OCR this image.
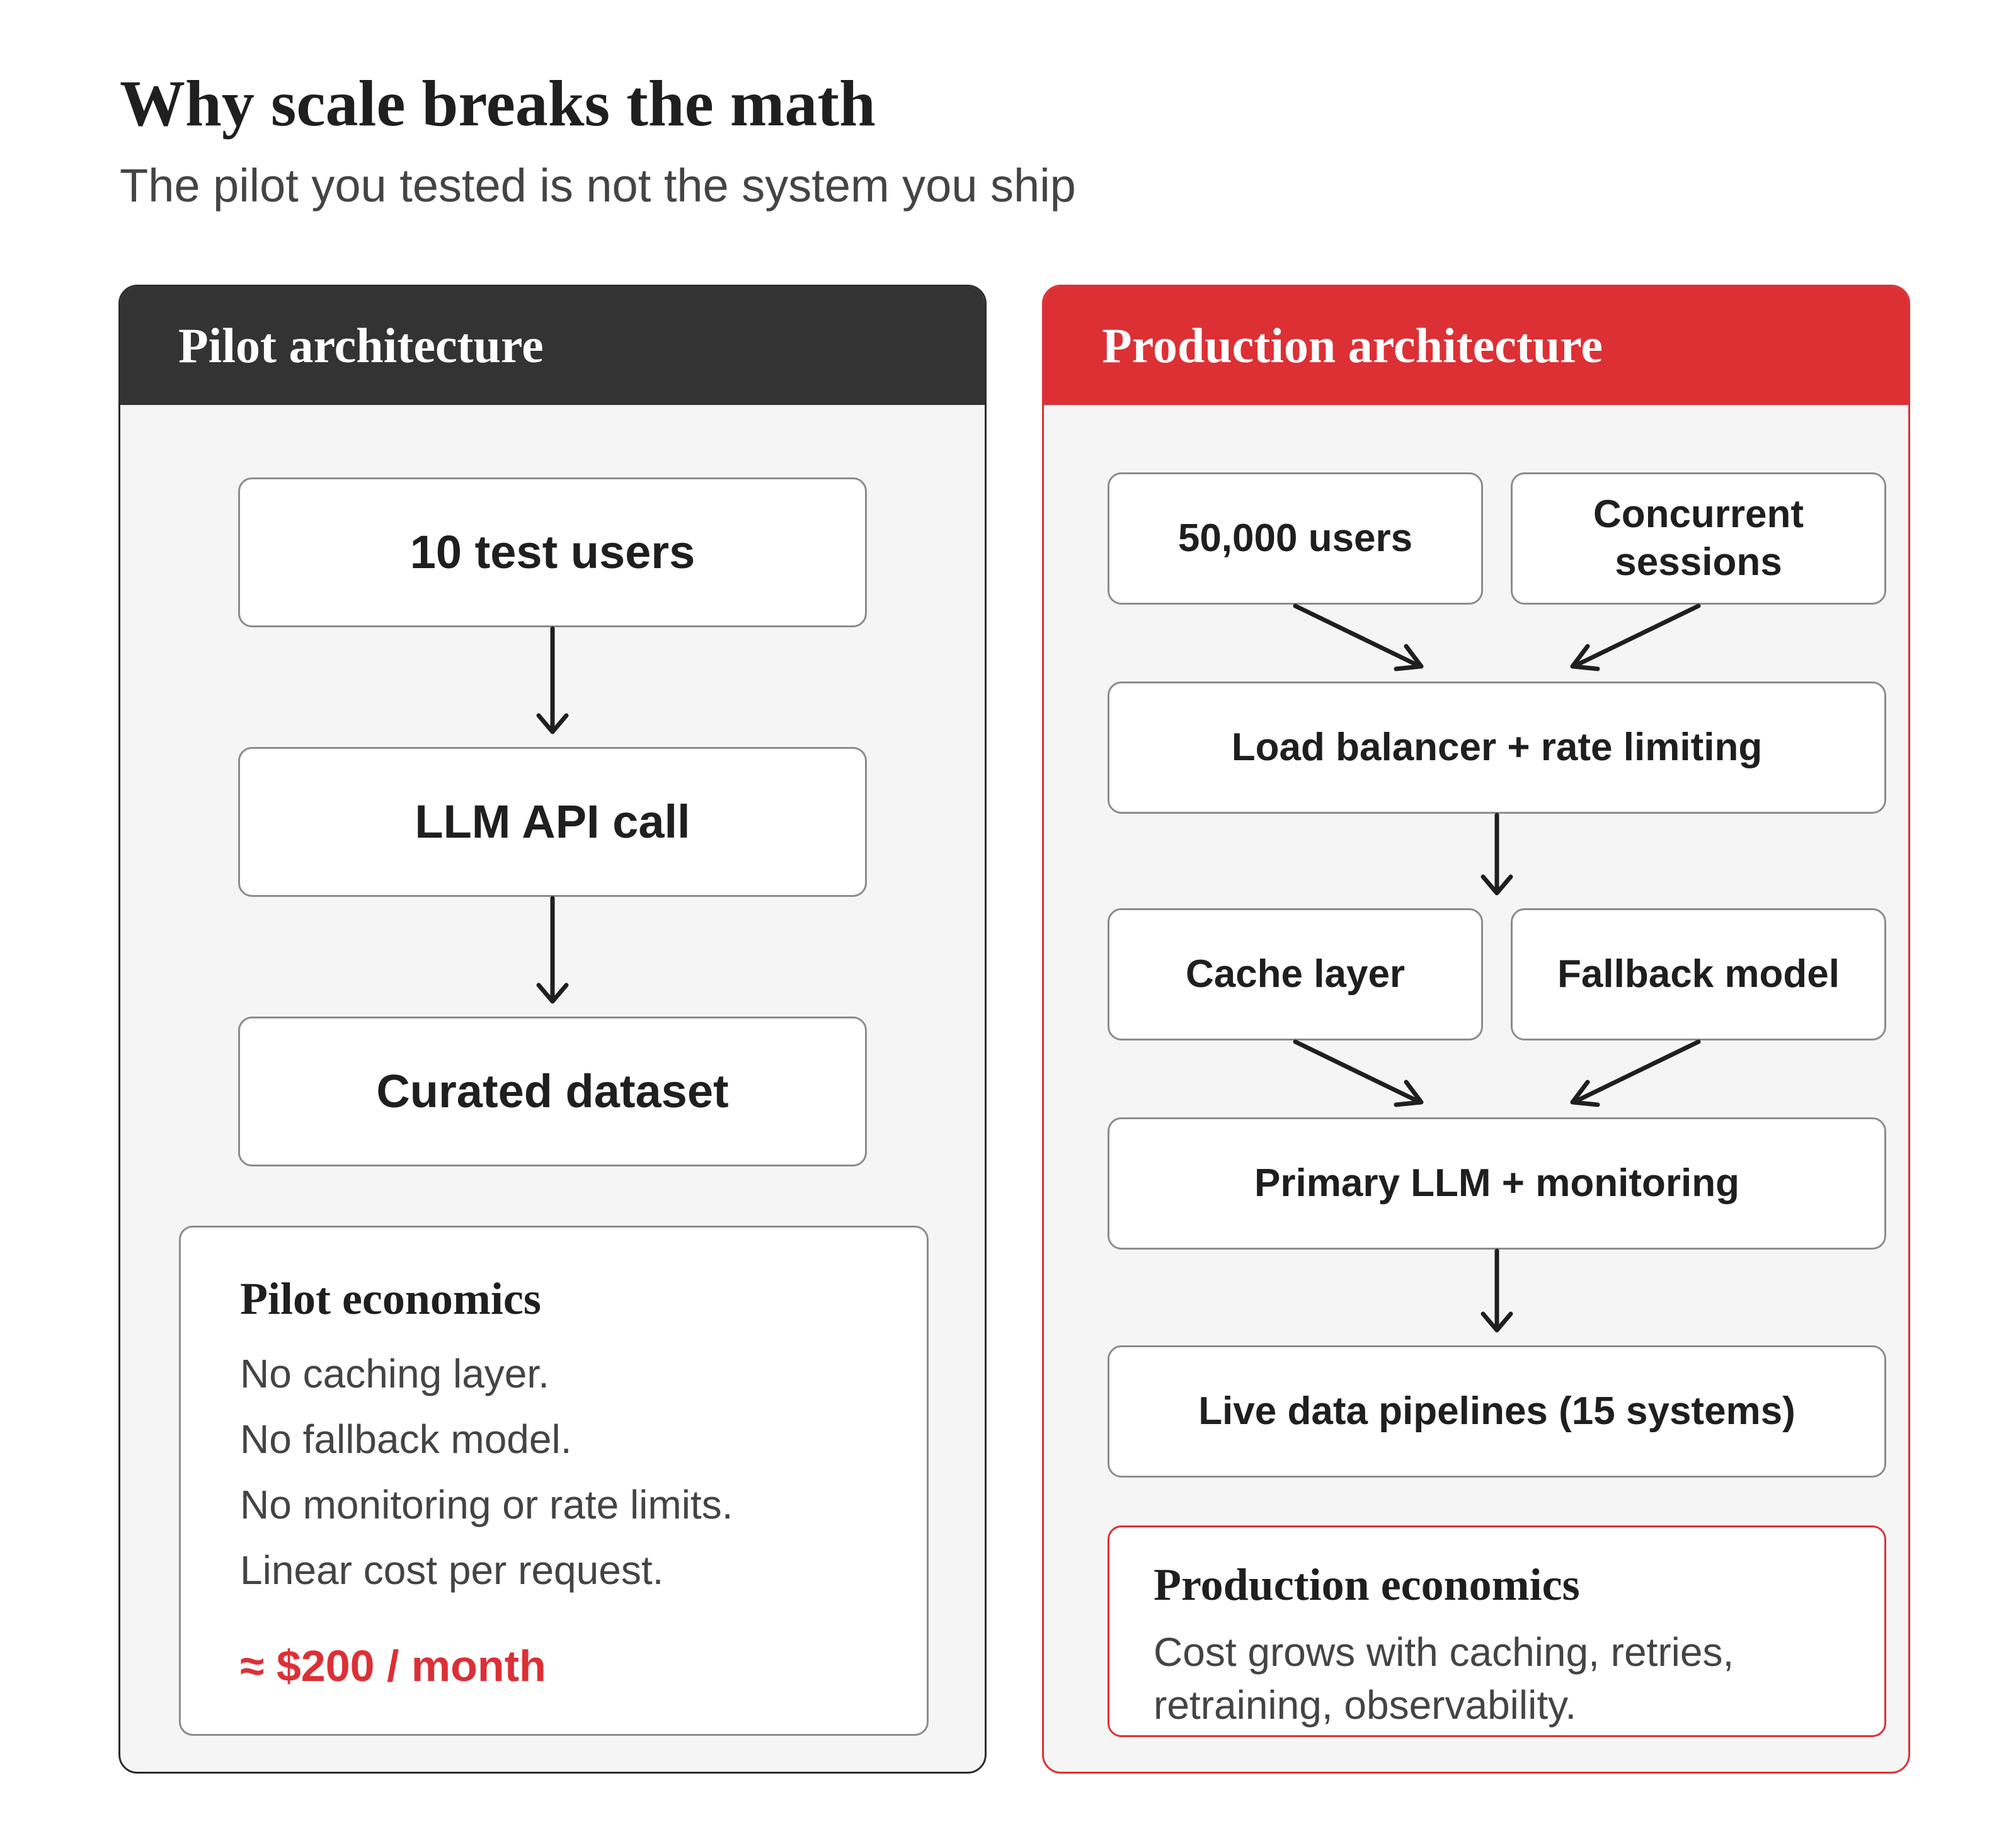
Why scale breaks the math

The pilot you tested is not the system you ship

Pilot architecture
10 test users
LLM API call
Curated dataset
Pilot economics
No caching layer.
No fallback model.
No monitoring or rate limits.
Linear cost per request.
≈ $200 / month
Production architecture
50,000 users
Concurrent
sessions
Load balancer + rate limiting
Cache layer	Fallback model
Primary LLM + monitoring
Live data pipelines (15 systems)
Production economics
Cost grows with caching, retries,
retraining, observability.
